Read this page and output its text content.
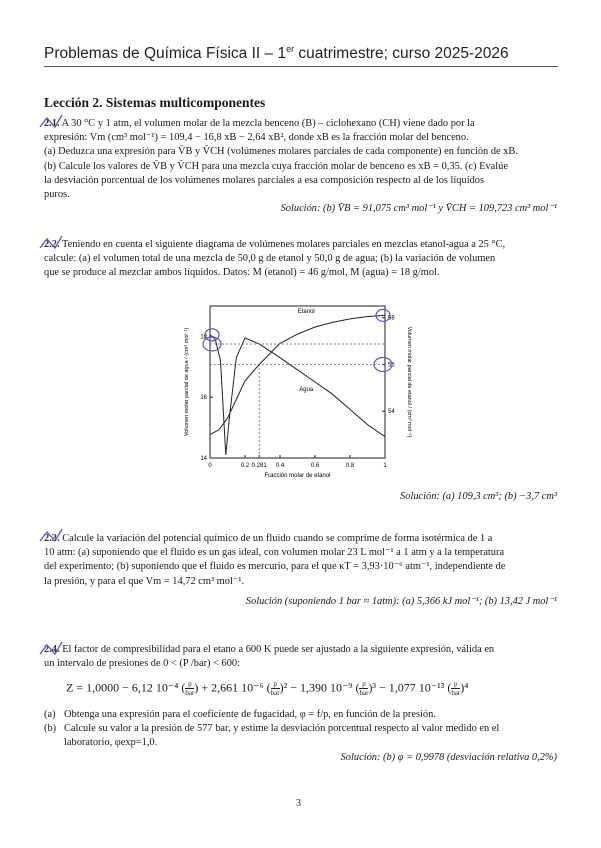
Problemas de Química Física II – 1er cuatrimestre; curso 2025-2026
Lección 2. Sistemas multicomponentes

2.1. A 30 °C y 1 atm, el volumen molar de la mezcla benceno (B) – ciclohexano (CH) viene dado por la

expresión: Vm (cm³ mol⁻¹) = 109,4 − 16,8 xB − 2,64 xB², donde xB es la fracción molar del benceno.

(a) Deduzca una expresión para V̄B y V̄CH (volúmenes molares parciales de cada componente) en función de xB.

(b) Calcule los valores de V̄B y V̄CH para una mezcla cuya fracción molar de benceno es xB = 0,35. (c) Evalúe

la desviación porcentual de los volúmenes molares parciales a esa composición respecto al de los líquidos

puros.

Solución: (b) V̄B = 91,075 cm³ mol⁻¹ y V̄CH = 109,723 cm³ mol⁻¹

2.2. Teniendo en cuenta el siguiente diagrama de volúmenes molares parciales en mezclas etanol-agua a 25 °C,

calcule: (a) el volumen total de una mezcla de 50,0 g de etanol y 50,0 g de agua; (b) la variación de volumen

que se produce al mezclar ambos líquidos. Datos: M (etanol) = 46 g/mol, M (agua) = 18 g/mol.

0	0.2 0.281 0.4	0.6	0.8	1
14
16
18
54
56
58
Etanol
Agua
Fracción molar de etanol
Volumen molar parcial de agua / (cm³ mol⁻¹)	Volumen molar parcial de etanol / (cm³ mol⁻¹)
Solución: (a) 109,3 cm³; (b) −3,7 cm³

2.3. Calcule la variación del potencial químico de un fluido cuando se comprime de forma isotérmica de 1 a

10 atm: (a) suponiendo que el fluido es un gas ideal, con volumen molar 23 L mol⁻¹ a 1 atm y a la temperatura

del experimento; (b) suponiendo que el fluido es mercurio, para el que κT = 3,93·10⁻⁶ atm⁻¹, independiente de

la presión, y para el que Vm = 14,72 cm³ mol⁻¹.

Solución (suponiendo 1 bar ≈ 1atm): (a) 5,366 kJ mol⁻¹; (b) 13,42 J mol⁻¹

2.4. El factor de compresibilidad para el etano a 600 K puede ser ajustado a la siguiente expresión, válida en

un intervalo de presiones de 0 < (P /bar) < 600:

Z = 1,0000 − 6,12 10⁻⁴ ( $\frac{p}{\text{bar}}$ ) + 2,661 10⁻⁶ ( $\frac{p}{\text{bar}} )^2 - 1,390$ 10⁻⁹ ( $\frac{p}{\text{bar}} )^3 - 1,077$ 10⁻¹³ ( $\frac{p}{\text{bar}} )^4$
(a) Obtenga una expresión para el coeficiente de fugacidad, φ = f/p, en función de la presión.
(b) Calcule su valor a la presión de 577 bar, y estime la desviación porcentual respecto al valor medido en el
laboratorio, φexp=1,0.
Solución: (b) φ = 0,9978 (desviación relativa 0,2%)
3
